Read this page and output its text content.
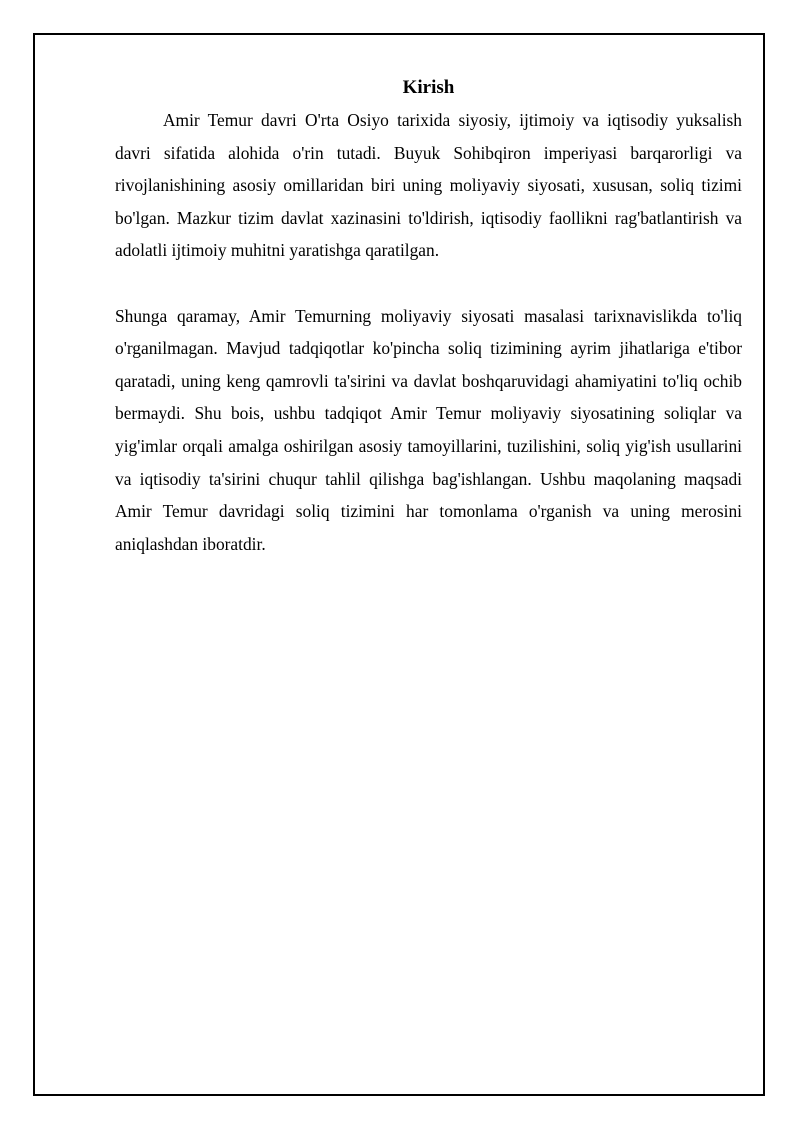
Kirish

Amir Temur davri O'rta Osiyo tarixida siyosiy, ijtimoiy va iqtisodiy yuksalish davri sifatida alohida o'rin tutadi. Buyuk Sohibqiron imperiyasi barqarorligi va rivojlanishining asosiy omillaridan biri uning moliyaviy siyosati, xususan, soliq tizimi bo'lgan. Mazkur tizim davlat xazinasini to'ldirish, iqtisodiy faollikni rag'batlantirish va adolatli ijtimoiy muhitni yaratishga qaratilgan.

Shunga qaramay, Amir Temurning moliyaviy siyosati masalasi tarixnavislikda to'liq o'rganilmagan. Mavjud tadqiqotlar ko'pincha soliq tizimining ayrim jihatlariga e'tibor qaratadi, uning keng qamrovli ta'sirini va davlat boshqaruvidagi ahamiyatini to'liq ochib bermaydi. Shu bois, ushbu tadqiqot Amir Temur moliyaviy siyosatining soliqlar va yig'imlar orqali amalga oshirilgan asosiy tamoyillarini, tuzilishini, soliq yig'ish usullarini va iqtisodiy ta'sirini chuqur tahlil qilishga bag'ishlangan. Ushbu maqolaning maqsadi Amir Temur davridagi soliq tizimini har tomonlama o'rganish va uning merosini aniqlashdan iboratdir.
